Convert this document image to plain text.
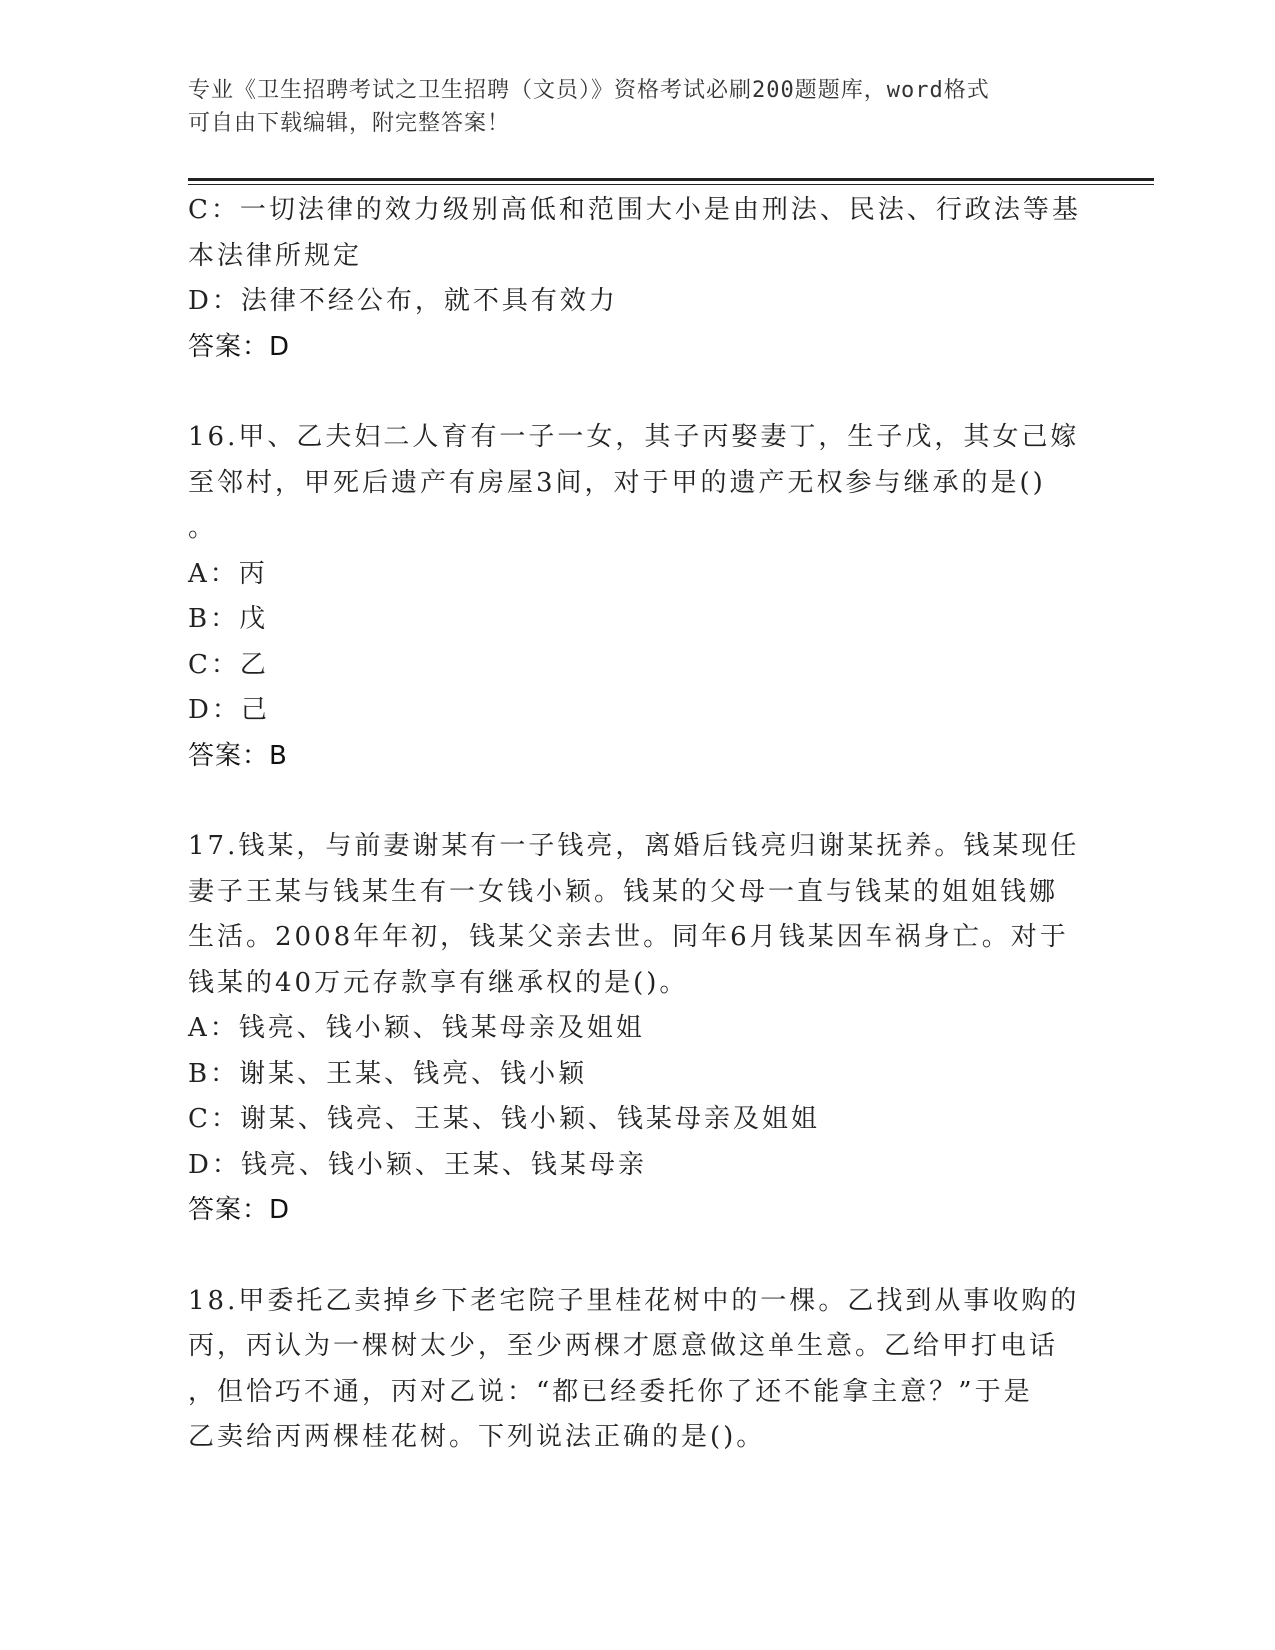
专业《卫生招聘考试之卫生招聘（文员）》资格考试必刷200题题库，word格式
可自由下载编辑，附完整答案！
C：一切法律的效力级别高低和范围大小是由刑法、民法、行政法等基
本法律所规定
D：法律不经公布，就不具有效力
答案：D
16.甲、乙夫妇二人育有一子一女，其子丙娶妻丁，生子戊，其女己嫁
至邻村，甲死后遗产有房屋3间，对于甲的遗产无权参与继承的是()
。
A：丙
B：戊
C：乙
D：己
答案：B
17.钱某，与前妻谢某有一子钱亮，离婚后钱亮归谢某抚养。钱某现任
妻子王某与钱某生有一女钱小颖。钱某的父母一直与钱某的姐姐钱娜
生活。2008年年初，钱某父亲去世。同年6月钱某因车祸身亡。对于
钱某的40万元存款享有继承权的是()。
A：钱亮、钱小颖、钱某母亲及姐姐
B：谢某、王某、钱亮、钱小颖
C：谢某、钱亮、王某、钱小颖、钱某母亲及姐姐
D：钱亮、钱小颖、王某、钱某母亲
答案：D
18.甲委托乙卖掉乡下老宅院子里桂花树中的一棵。乙找到从事收购的
丙，丙认为一棵树太少，至少两棵才愿意做这单生意。乙给甲打电话
，但恰巧不通，丙对乙说：“都已经委托你了还不能拿主意？”于是
乙卖给丙两棵桂花树。下列说法正确的是()。
